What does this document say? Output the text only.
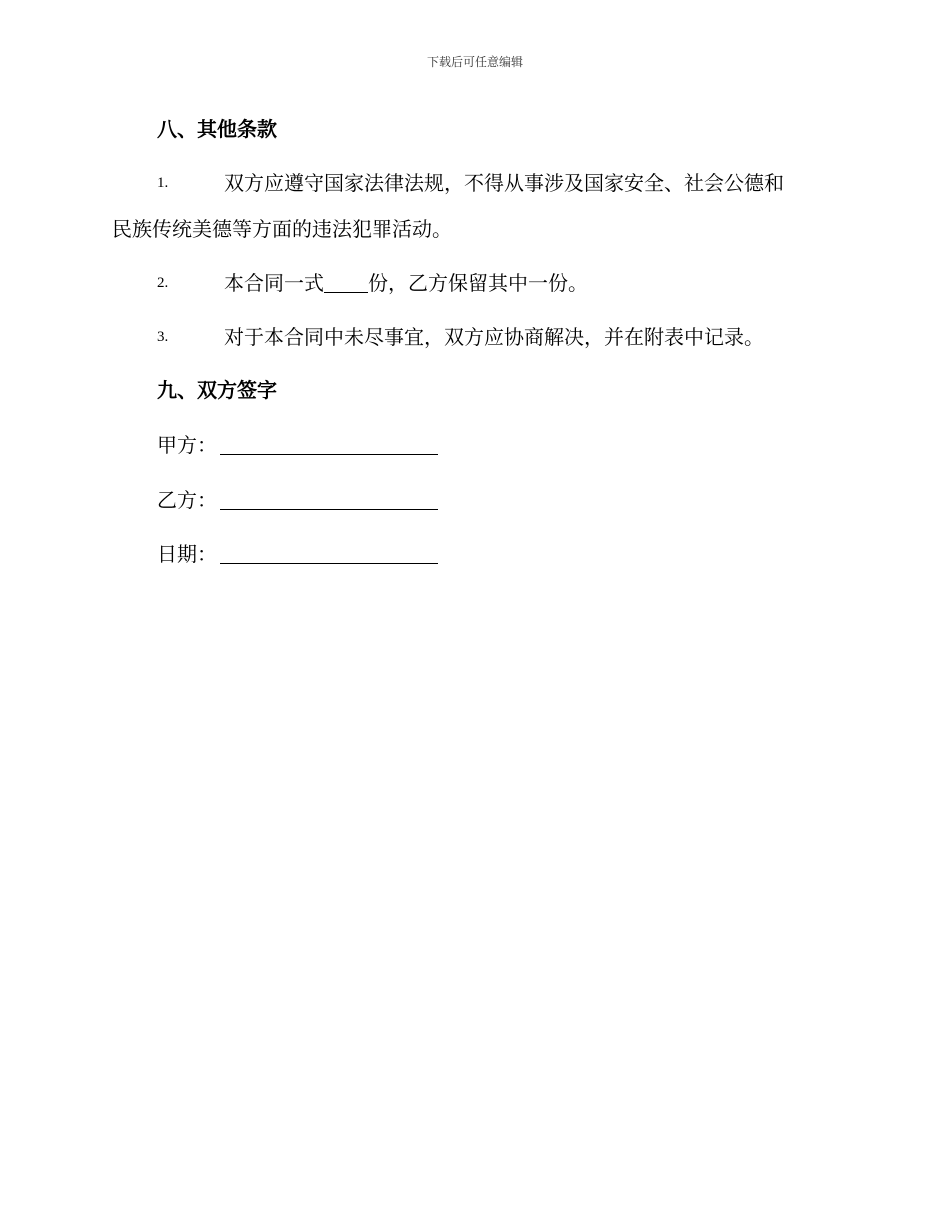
下载后可任意编辑
八、其他条款
1.	双方应遵守国家法律法规，不得从事涉及国家安全、社会公德和
民族传统美德等方面的违法犯罪活动。
2.	本合同一式 份，乙方保留其中一份。
3.	对于本合同中未尽事宜，双方应协商解决，并在附表中记录。
九、双方签字
甲方：
乙方：
日期：
